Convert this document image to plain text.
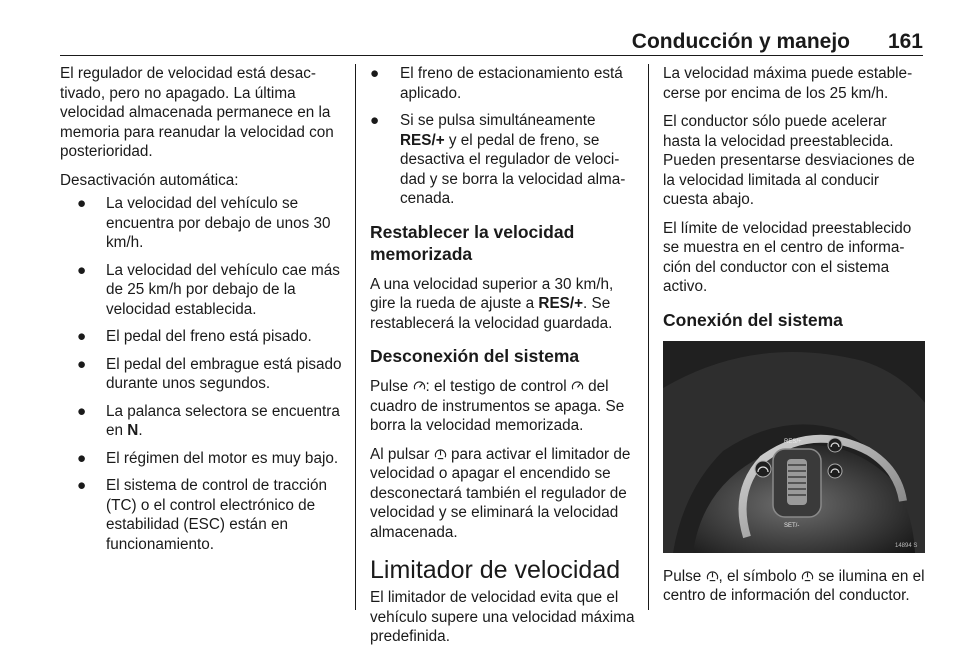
Conducción y manejo 161

El regulador de velocidad está desactivado, pero no apagado. La última velocidad almacenada permanece en la memoria para reanudar la velocidad con posterioridad.

Desactivación automática:

● La velocidad del vehículo se encuentra por debajo de unos 30 km/h.
● La velocidad del vehículo cae más de 25 km/h por debajo de la velocidad establecida.
● El pedal del freno está pisado.
● El pedal del embrague está pisado durante unos segundos.
● La palanca selectora se encuentra en N.
● El régimen del motor es muy bajo.
● El sistema de control de tracción (TC) o el control electrónico de estabilidad (ESC) están en funcionamiento.
● El freno de estacionamiento está aplicado.
● Si se pulsa simultáneamente RES/+ y el pedal de freno, se desactiva el regulador de velocidad y se borra la velocidad almacenada.
Restablecer la velocidad memorizada

A una velocidad superior a 30 km/h, gire la rueda de ajuste a RES/+. Se restablecerá la velocidad guardada.

Desconexión del sistema

Pulse : el testigo de control  del cuadro de instrumentos se apaga. Se borra la velocidad memorizada.

Al pulsar  para activar el limitador de velocidad o apagar el encendido se desconectará también el regulador de velocidad y se eliminará la velocidad almacenada.

Limitador de velocidad

El limitador de velocidad evita que el vehículo supere una velocidad máxima predefinida.

La velocidad máxima puede establecerse por encima de los 25 km/h.

El conductor sólo puede acelerar hasta la velocidad preestablecida. Pueden presentarse desviaciones de la velocidad limitada al conducir cuesta abajo.

El límite de velocidad preestablecido se muestra en el centro de información del conductor con el sistema activo.

Conexión del sistema
RES/+
SET/-
14894 S

Pulse , el símbolo  se ilumina en el centro de información del conductor.
